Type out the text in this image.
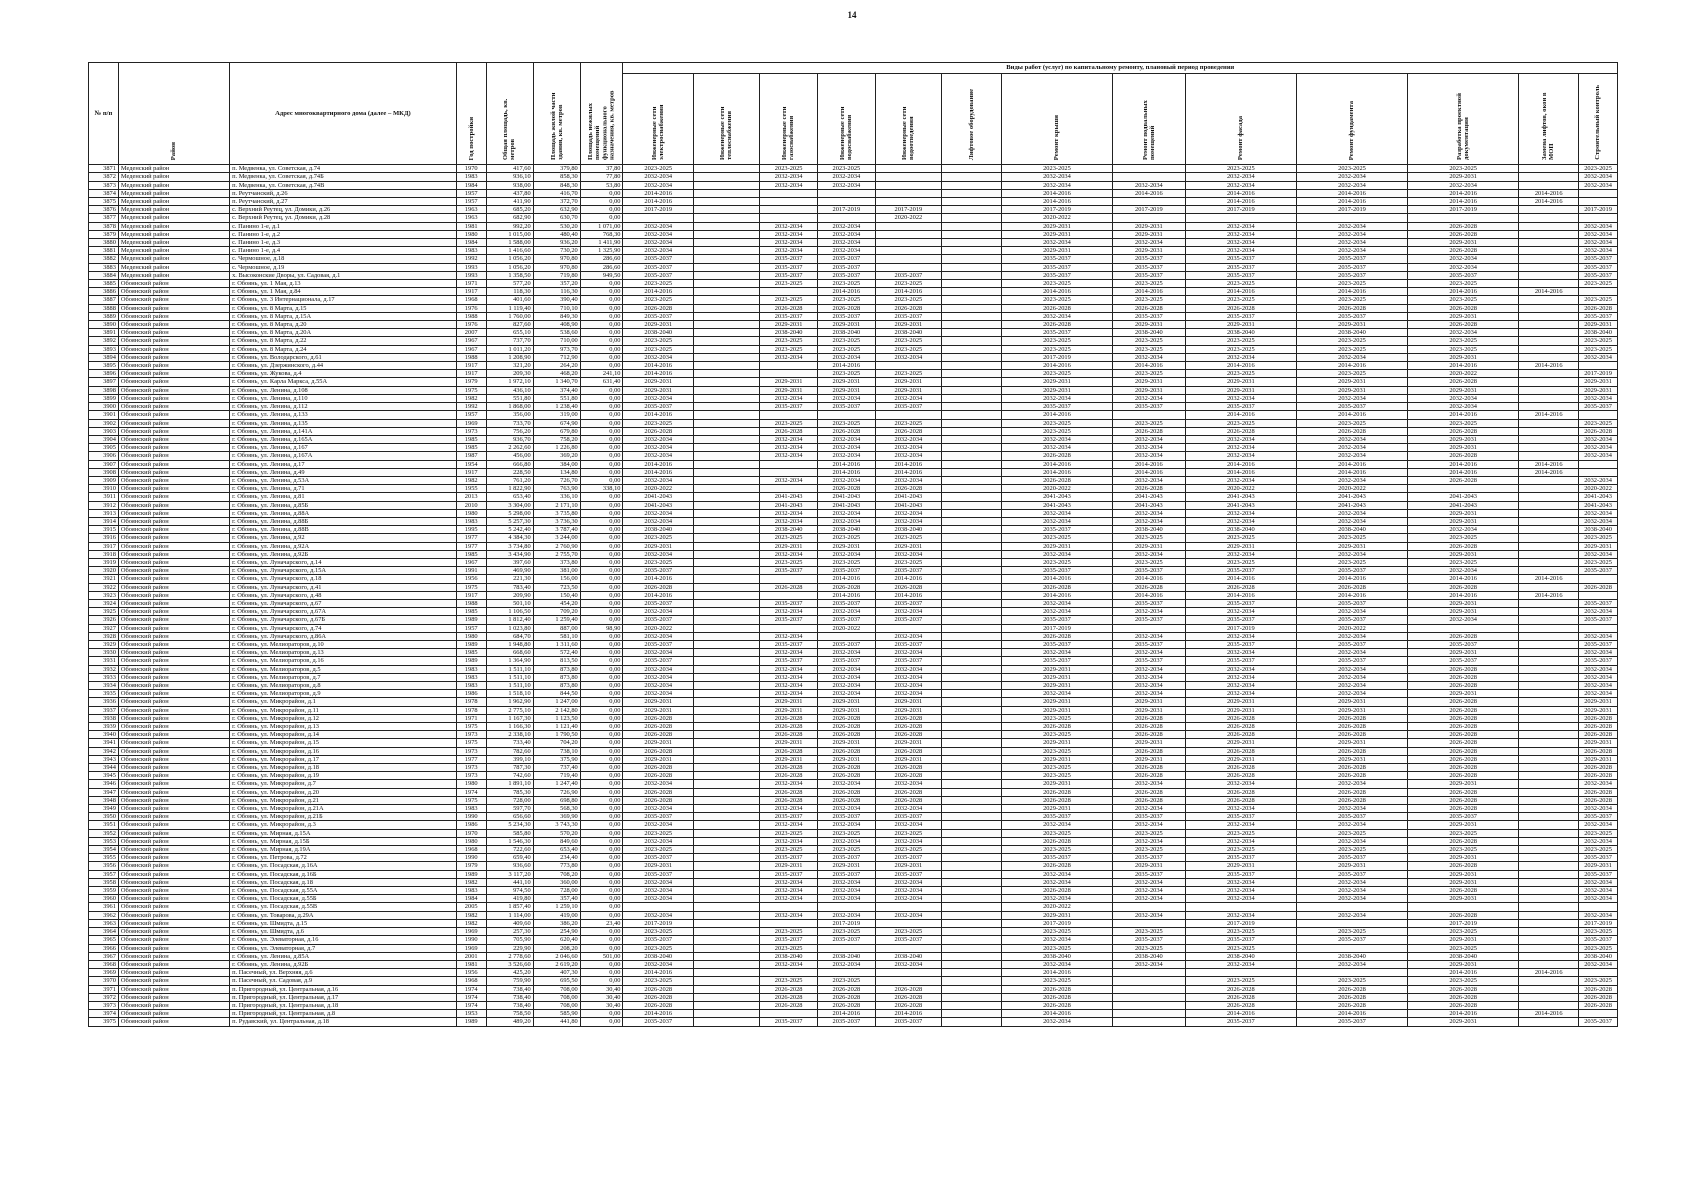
14
№ п/п	Район	Адрес многоквартирного дома (далее – МКД)	Год постройки	Общая площадь, кв. метров	Площадь жилой части здания, кв. метров	Площадь нежилых помещений функционального назначения, кв. метров	Виды работ (услуг) по капитальному ремонту, плановый период проведения												
							Инженерные сети электроснабжения	Инженерные сети теплоснабжения	Инженерные сети газоснабжения	Инженерные сети водоснабжения	Инженерные сети водоотведения	Лифтовое оборудование	Ремонт крыши	Ремонт подвальных помещений	Ремонт фасада	Ремонт фундамента	Разработка проектной документации	Замена лифтов, окон в МОП	Строительный контроль
3871	Меденский район	п. Медвенка, ул. Советская, д.74	1970	417,60	379,80	37,80	2023-2025		2023-2025	2023-2025			2023-2025		2023-2025	2023-2025	2023-2025		2023-2025
3872	Меденский район	п. Медвенка, ул. Советская, д.74Б	1983	936,10	858,30	77,80	2032-2034		2032-2034	2032-2034			2032-2034		2032-2034	2032-2034	2029-2031		2032-2034
3873	Меденский район	п. Медвенка, ул. Советская, д.74В	1984	938,00	848,30	53,80	2032-2034		2032-2034	2032-2034			2032-2034	2032-2034	2032-2034	2032-2034	2032-2034		2032-2034
3874	Меденский район	п. Реутчанский, д.26	1957	437,80	416,70	0,00	2014-2016						2014-2016	2014-2016	2014-2016	2014-2016	2014-2016	2014-2016	
3875	Меденский район	п. Реутчанский, д.27	1957	411,90	372,70	0,00	2014-2016						2014-2016		2014-2016	2014-2016	2014-2016	2014-2016	
3876	Меденский район	с. Верхний Реутец, ул. Домики, д.26	1963	685,20	632,90	0,00	2017-2019			2017-2019	2017-2019		2017-2019	2017-2019	2017-2019	2017-2019	2017-2019		2017-2019
3877	Меденский район	с. Верхний Реутец, ул. Домики, д.28	1963	682,90	630,70	0,00					2020-2022		2020-2022						
3878	Меденский район	с. Панино 1-е, д.1	1981	992,20	530,20	1 071,00	2032-2034		2032-2034	2032-2034			2029-2031	2029-2031	2032-2034	2032-2034	2026-2028		2032-2034
3879	Меденский район	с. Панино 1-е, д.2	1980	1 015,00	480,40	768,30	2032-2034		2032-2034	2032-2034			2029-2031	2029-2031	2032-2034	2032-2034	2026-2028		2032-2034
3880	Меденский район	с. Панино 1-е, д.3	1984	1 588,00	936,20	1 411,90	2032-2034		2032-2034	2032-2034			2032-2034	2032-2034	2032-2034	2032-2034	2029-2031		2032-2034
3881	Меденский район	с. Панино 1-е, д.4	1983	1 416,60	730,20	1 325,90	2032-2034		2032-2034	2032-2034			2029-2031	2029-2031	2032-2034	2032-2034	2026-2028		2032-2034
3882	Меденский район	с. Чермошное, д.18	1992	1 056,20	970,80	286,60	2035-2037		2035-2037	2035-2037			2035-2037	2035-2037	2035-2037	2035-2037	2032-2034		2035-2037
3883	Меденский район	с. Чермошное, д.19	1993	1 056,20	970,80	286,60	2035-2037		2035-2037	2035-2037			2035-2037	2035-2037	2035-2037	2035-2037	2032-2034		2035-2037
3884	Меденский район	х. Высоконские Дворы, ул. Садовая, д.1	1993	1 358,50	719,80	949,50	2035-2037		2035-2037	2035-2037	2035-2037		2035-2037	2035-2037	2035-2037	2035-2037	2035-2037		2035-2037
3885	Обоянский район	г. Обоянь, ул. 1 Мая, д.13	1971	577,20	357,20	0,00	2023-2025		2023-2025	2023-2025	2023-2025		2023-2025	2023-2025	2023-2025	2023-2025	2023-2025		2023-2025
3886	Обоянский район	г. Обоянь, ул. 1 Мая, д.84	1917	118,30	116,30	0,00	2014-2016			2014-2016	2014-2016		2014-2016	2014-2016	2014-2016	2014-2016	2014-2016	2014-2016	
3887	Обоянский район	г. Обоянь, ул. 3 Интернационала, д.17	1968	401,60	390,40	0,00	2023-2025		2023-2025	2023-2025	2023-2025		2023-2025	2023-2025	2023-2025	2023-2025	2023-2025		2023-2025
3888	Обоянский район	г. Обоянь, ул. 8 Марта, д.15	1976	1 119,40	710,10	0,00	2026-2028		2026-2028	2026-2028	2026-2028		2026-2028	2026-2028	2026-2028	2026-2028	2026-2028		2026-2028
3889	Обоянский район	г. Обоянь, ул. 8 Марта, д.15А	1988	1 760,00	849,30	0,00	2035-2037		2035-2037	2035-2037	2035-2037		2032-2034	2035-2037	2035-2037	2035-2037	2029-2031		2035-2037
3890	Обоянский район	г. Обоянь, ул. 8 Марта, д.20	1976	827,60	408,90	0,00	2029-2031		2029-2031	2029-2031	2029-2031		2026-2028	2029-2031	2029-2031	2029-2031	2026-2028		2029-2031
3891	Обоянский район	г. Обоянь, ул. 8 Марта, д.20А	2007	655,10	538,60	0,00	2038-2040		2038-2040	2038-2040	2038-2040		2035-2037	2038-2040	2038-2040	2038-2040	2032-2034		2038-2040
3892	Обоянский район	г. Обоянь, ул. 8 Марта, д.22	1967	737,70	710,00	0,00	2023-2025		2023-2025	2023-2025	2023-2025		2023-2025	2023-2025	2023-2025	2023-2025	2023-2025		2023-2025
3893	Обоянский район	г. Обоянь, ул. 8 Марта, д.24	1967	1 011,20	973,70	0,00	2023-2025		2023-2025	2023-2025	2023-2025		2023-2025	2023-2025	2023-2025	2023-2025	2023-2025		2023-2025
3894	Обоянский район	г. Обоянь, ул. Володарского, д.61	1988	1 208,90	712,90	0,00	2032-2034		2032-2034	2032-2034	2032-2034		2017-2019	2032-2034	2032-2034	2032-2034	2029-2031		2032-2034
3895	Обоянский район	г. Обоянь, ул. Дзержинского, д.44	1917	321,20	264,20	0,00	2014-2016			2014-2016			2014-2016	2014-2016	2014-2016	2014-2016	2014-2016	2014-2016	
3896	Обоянский район	г. Обоянь, ул. Жукова, д.4	1917	209,30	468,20	241,10	2014-2016			2023-2025	2023-2025		2023-2025	2023-2025	2023-2025	2023-2025	2020-2022		2017-2019
3897	Обоянский район	г. Обоянь, ул. Карла Маркса, д.55А	1979	1 972,10	1 340,70	631,40	2029-2031		2029-2031	2029-2031	2029-2031		2029-2031	2029-2031	2029-2031	2029-2031	2026-2028		2029-2031
3898	Обоянский район	г. Обоянь, ул. Ленина, д.108	1975	436,10	374,40	0,00	2029-2031		2029-2031	2029-2031	2029-2031		2029-2031	2029-2031	2029-2031	2029-2031	2029-2031		2029-2031
3899	Обоянский район	г. Обоянь, ул. Ленина, д.110	1982	551,80	551,80	0,00	2032-2034		2032-2034	2032-2034	2032-2034		2032-2034	2032-2034	2032-2034	2032-2034	2032-2034		2032-2034
3900	Обоянский район	г. Обоянь, ул. Ленина, д.112	1992	1 868,00	1 238,40	0,00	2035-2037		2035-2037	2035-2037	2035-2037		2035-2037	2035-2037	2035-2037	2035-2037	2032-2034		2035-2037
3901	Обоянский район	г. Обоянь, ул. Ленина, д.133	1957	356,00	319,00	0,00	2014-2016						2014-2016		2014-2016	2014-2016	2014-2016	2014-2016	
3902	Обоянский район	г. Обоянь, ул. Ленина, д.135	1969	733,70	674,90	0,00	2023-2025		2023-2025	2023-2025	2023-2025		2023-2025	2023-2025	2023-2025	2023-2025	2023-2025		2023-2025
3903	Обоянский район	г. Обоянь, ул. Ленина, д.141А	1973	756,20	679,80	0,00	2026-2028		2026-2028	2026-2028	2026-2028		2023-2025	2026-2028	2026-2028	2026-2028	2026-2028		2026-2028
3904	Обоянский район	г. Обоянь, ул. Ленина, д.165А	1985	936,70	758,20	0,00	2032-2034		2032-2034	2032-2034	2032-2034		2032-2034	2032-2034	2032-2034	2032-2034	2029-2031		2032-2034
3905	Обоянский район	г. Обоянь, ул. Ленина, д.167	1985	2 262,60	1 226,80	0,00	2032-2034		2032-2034	2032-2034	2032-2034		2032-2034	2032-2034	2032-2034	2032-2034	2029-2031		2032-2034
3906	Обоянский район	г. Обоянь, ул. Ленина, д.167А	1987	456,00	369,20	0,00	2032-2034		2032-2034	2032-2034	2032-2034		2026-2028	2032-2034	2032-2034	2032-2034	2026-2028		2032-2034
3907	Обоянский район	г. Обоянь, ул. Ленина, д.17	1954	666,80	384,00	0,00	2014-2016			2014-2016	2014-2016		2014-2016	2014-2016	2014-2016	2014-2016	2014-2016	2014-2016	
3908	Обоянский район	г. Обоянь, ул. Ленина, д.49	1917	228,50	134,80	0,00	2014-2016			2014-2016	2014-2016		2014-2016	2014-2016	2014-2016	2014-2016	2014-2016	2014-2016	
3909	Обоянский район	г. Обоянь, ул. Ленина, д.53А	1982	761,20	726,70	0,00	2032-2034		2032-2034	2032-2034	2032-2034		2026-2028	2032-2034	2032-2034	2032-2034	2026-2028		2032-2034
3910	Обоянский район	г. Обоянь, ул. Ленина, д.71	1955	1 822,90	763,90	338,10	2020-2022			2026-2028	2026-2028		2020-2022	2026-2028	2020-2022	2020-2022			2020-2022
3911	Обоянский район	г. Обоянь, ул. Ленина, д.81	2013	653,40	336,10	0,00	2041-2043		2041-2043	2041-2043	2041-2043		2041-2043	2041-2043	2041-2043	2041-2043	2041-2043		2041-2043
3912	Обоянский район	г. Обоянь, ул. Ленина, д.85Б	2010	3 304,00	2 171,10	0,00	2041-2043		2041-2043	2041-2043	2041-2043		2041-2043	2041-2043	2041-2043	2041-2043	2041-2043		2041-2043
3913	Обоянский район	г. Обоянь, ул. Ленина, д.88А	1980	5 298,00	3 735,80	0,00	2032-2034		2032-2034	2032-2034	2032-2034		2032-2034	2032-2034	2032-2034	2032-2034	2029-2031		2032-2034
3914	Обоянский район	г. Обоянь, ул. Ленина, д.88Б	1983	5 257,30	3 736,30	0,00	2032-2034		2032-2034	2032-2034	2032-2034		2032-2034	2032-2034	2032-2034	2032-2034	2029-2031		2032-2034
3915	Обоянский район	г. Обоянь, ул. Ленина, д.88В	1995	5 242,40	3 787,40	0,00	2038-2040		2038-2040	2038-2040	2038-2040		2035-2037	2038-2040	2038-2040	2038-2040	2032-2034		2038-2040
3916	Обоянский район	г. Обоянь, ул. Ленина, д.92	1977	4 384,30	3 244,00	0,00	2023-2025		2023-2025	2023-2025	2023-2025		2023-2025	2023-2025	2023-2025	2023-2025	2023-2025		2023-2025
3917	Обоянский район	г. Обоянь, ул. Ленина, д.92А	1977	3 734,80	2 760,90	0,00	2029-2031		2029-2031	2029-2031	2029-2031		2029-2031	2029-2031	2029-2031	2029-2031	2026-2028		2029-2031
3918	Обоянский район	г. Обоянь, ул. Ленина, д.92Б	1985	3 434,90	2 755,70	0,00	2032-2034		2032-2034	2032-2034	2032-2034		2032-2034	2032-2034	2032-2034	2032-2034	2029-2031		2032-2034
3919	Обоянский район	г. Обоянь, ул. Луначарского, д.14	1967	397,60	373,80	0,00	2023-2025		2023-2025	2023-2025	2023-2025		2023-2025	2023-2025	2023-2025	2023-2025	2023-2025		2023-2025
3920	Обоянский район	г. Обоянь, ул. Луначарского, д.15А	1991	469,90	381,00	0,00	2035-2037		2035-2037	2035-2037	2035-2037		2035-2037	2035-2037	2035-2037	2035-2037	2032-2034		2035-2037
3921	Обоянский район	г. Обоянь, ул. Луначарского, д.18	1956	221,30	156,00	0,00	2014-2016			2014-2016	2014-2016		2014-2016	2014-2016	2014-2016	2014-2016	2014-2016	2014-2016	
3922	Обоянский район	г. Обоянь, ул. Луначарского, д.41	1975	783,40	723,50	0,00	2026-2028		2026-2028	2026-2028	2026-2028		2026-2028	2026-2028	2026-2028	2026-2028	2026-2028		2026-2028
3923	Обоянский район	г. Обоянь, ул. Луначарского, д.48	1917	209,90	150,40	0,00	2014-2016			2014-2016	2014-2016		2014-2016	2014-2016	2014-2016	2014-2016	2014-2016	2014-2016	
3924	Обоянский район	г. Обоянь, ул. Луначарского, д.67	1988	501,10	454,20	0,00	2035-2037		2035-2037	2035-2037	2035-2037		2032-2034	2035-2037	2035-2037	2035-2037	2029-2031		2035-2037
3925	Обоянский район	г. Обоянь, ул. Луначарского, д.67А	1985	1 106,50	709,20	0,00	2032-2034		2032-2034	2032-2034	2032-2034		2032-2034	2032-2034	2032-2034	2032-2034	2029-2031		2032-2034
3926	Обоянский район	г. Обоянь, ул. Луначарского, д.67Б	1989	1 812,40	1 259,40	0,00	2035-2037		2035-2037	2035-2037	2035-2037		2035-2037	2035-2037	2035-2037	2035-2037	2032-2034		2035-2037
3927	Обоянский район	г. Обоянь, ул. Луначарского, д.74	1957	1 023,80	887,00	98,90	2020-2022			2020-2022			2017-2019		2017-2019	2020-2022			
3928	Обоянский район	г. Обоянь, ул. Луначарского, д.86А	1980	684,70	581,10	0,00	2032-2034		2032-2034		2032-2034		2026-2028	2032-2034	2032-2034	2032-2034	2026-2028		2032-2034
3929	Обоянский район	г. Обоянь, ул. Мелиораторов, д.10	1989	1 948,80	1 311,60	0,00	2035-2037		2035-2037	2035-2037	2035-2037		2035-2037	2035-2037	2035-2037	2035-2037	2035-2037		2035-2037
3930	Обоянский район	г. Обоянь, ул. Мелиораторов, д.13	1985	668,60	572,40	0,00	2032-2034		2032-2034	2032-2034	2032-2034		2032-2034	2032-2034	2032-2034	2032-2034	2029-2031		2032-2034
3931	Обоянский район	г. Обоянь, ул. Мелиораторов, д.16	1989	1 364,90	813,50	0,00	2035-2037		2035-2037	2035-2037	2035-2037		2035-2037	2035-2037	2035-2037	2035-2037	2035-2037		2035-2037
3932	Обоянский район	г. Обоянь, ул. Мелиораторов, д.5	1983	1 511,10	873,80	0,00	2032-2034		2032-2034	2032-2034	2032-2034		2029-2031	2032-2034	2032-2034	2032-2034	2026-2028		2032-2034
3933	Обоянский район	г. Обоянь, ул. Мелиораторов, д.7	1983	1 511,10	873,80	0,00	2032-2034		2032-2034	2032-2034	2032-2034		2029-2031	2032-2034	2032-2034	2032-2034	2026-2028		2032-2034
3934	Обоянский район	г. Обоянь, ул. Мелиораторов, д.8	1983	1 511,10	873,80	0,00	2032-2034		2032-2034	2032-2034	2032-2034		2029-2031	2032-2034	2032-2034	2032-2034	2026-2028		2032-2034
3935	Обоянский район	г. Обоянь, ул. Мелиораторов, д.9	1986	1 518,10	844,50	0,00	2032-2034		2032-2034	2032-2034	2032-2034		2032-2034	2032-2034	2032-2034	2032-2034	2029-2031		2032-2034
3936	Обоянский район	г. Обоянь, ул. Микрорайон, д.1	1978	1 962,90	1 247,00	0,00	2029-2031		2029-2031	2029-2031	2029-2031		2029-2031	2029-2031	2029-2031	2029-2031	2026-2028		2029-2031
3937	Обоянский район	г. Обоянь, ул. Микрорайон, д.11	1978	2 775,10	2 142,80	0,00	2029-2031		2029-2031	2029-2031	2029-2031		2029-2031	2029-2031	2029-2031	2029-2031	2026-2028		2029-2031
3938	Обоянский район	г. Обоянь, ул. Микрорайон, д.12	1971	1 167,30	1 123,50	0,00	2026-2028		2026-2028	2026-2028	2026-2028		2023-2025	2026-2028	2026-2028	2026-2028	2026-2028		2026-2028
3939	Обоянский район	г. Обоянь, ул. Микрорайон, д.13	1975	1 166,30	1 121,40	0,00	2026-2028		2026-2028	2026-2028	2026-2028		2026-2028	2026-2028	2026-2028	2026-2028	2026-2028		2026-2028
3940	Обоянский район	г. Обоянь, ул. Микрорайон, д.14	1973	2 338,10	1 790,50	0,00	2026-2028		2026-2028	2026-2028	2026-2028		2023-2025	2026-2028	2026-2028	2026-2028	2026-2028		2026-2028
3941	Обоянский район	г. Обоянь, ул. Микрорайон, д.15	1975	733,40	704,20	0,00	2029-2031		2029-2031	2029-2031	2029-2031		2029-2031	2029-2031	2029-2031	2029-2031	2026-2028		2029-2031
3942	Обоянский район	г. Обоянь, ул. Микрорайон, д.16	1973	782,60	738,10	0,00	2026-2028		2026-2028	2026-2028	2026-2028		2023-2025	2026-2028	2026-2028	2026-2028	2026-2028		2026-2028
3943	Обоянский район	г. Обоянь, ул. Микрорайон, д.17	1977	399,10	375,90	0,00	2029-2031		2029-2031	2029-2031	2029-2031		2029-2031	2029-2031	2029-2031	2029-2031	2026-2028		2029-2031
3944	Обоянский район	г. Обоянь, ул. Микрорайон, д.18	1973	787,30	737,40	0,00	2026-2028		2026-2028	2026-2028	2026-2028		2023-2025	2026-2028	2026-2028	2026-2028	2026-2028		2026-2028
3945	Обоянский район	г. Обоянь, ул. Микрорайон, д.19	1973	742,60	719,40	0,00	2026-2028		2026-2028	2026-2028	2026-2028		2023-2025	2026-2028	2026-2028	2026-2028	2026-2028		2026-2028
3946	Обоянский район	г. Обоянь, ул. Микрорайон, д.7	1980	1 891,10	1 247,40	0,00	2032-2034		2032-2034	2032-2034	2032-2034		2029-2031	2032-2034	2032-2034	2032-2034	2029-2031		2032-2034
3947	Обоянский район	г. Обоянь, ул. Микрорайон, д.20	1974	785,30	726,90	0,00	2026-2028		2026-2028	2026-2028	2026-2028		2026-2028	2026-2028	2026-2028	2026-2028	2026-2028		2026-2028
3948	Обоянский район	г. Обоянь, ул. Микрорайон, д.21	1975	728,00	698,80	0,00	2026-2028		2026-2028	2026-2028	2026-2028		2026-2028	2026-2028	2026-2028	2026-2028	2026-2028		2026-2028
3949	Обоянский район	г. Обоянь, ул. Микрорайон, д.21А	1983	597,70	568,30	0,00	2032-2034		2032-2034	2032-2034	2032-2034		2029-2031	2032-2034	2032-2034	2032-2034	2026-2028		2032-2034
3950	Обоянский район	г. Обоянь, ул. Микрорайон, д.21Б	1990	656,60	369,90	0,00	2035-2037		2035-2037	2035-2037	2035-2037		2035-2037	2035-2037	2035-2037	2035-2037	2035-2037		2035-2037
3951	Обоянский район	г. Обоянь, ул. Микрорайон, д.3	1986	5 234,30	3 743,30	0,00	2032-2034		2032-2034	2032-2034	2032-2034		2032-2034	2032-2034	2032-2034	2032-2034	2029-2031		2032-2034
3952	Обоянский район	г. Обоянь, ул. Мирная, д.15А	1970	585,80	570,20	0,00	2023-2025		2023-2025	2023-2025	2023-2025		2023-2025	2023-2025	2023-2025	2023-2025	2023-2025		2023-2025
3953	Обоянский район	г. Обоянь, ул. Мирная, д.15Б	1980	1 546,30	849,60	0,00	2032-2034		2032-2034	2032-2034	2032-2034		2026-2028	2032-2034	2032-2034	2032-2034	2026-2028		2032-2034
3954	Обоянский район	г. Обоянь, ул. Мирная, д.19А	1968	722,60	653,40	0,00	2023-2025		2023-2025	2023-2025	2023-2025		2023-2025	2023-2025	2023-2025	2023-2025	2023-2025		2023-2025
3955	Обоянский район	г. Обоянь, ул. Петрова, д.72	1990	659,40	234,40	0,00	2035-2037		2035-2037	2035-2037	2035-2037		2035-2037	2035-2037	2035-2037	2035-2037	2029-2031		2035-2037
3956	Обоянский район	г. Обоянь, ул. Посадская, д.16А	1979	936,60	773,80	0,00	2029-2031		2029-2031	2029-2031	2029-2031		2026-2028	2029-2031	2029-2031	2029-2031	2026-2028		2029-2031
3957	Обоянский район	г. Обоянь, ул. Посадская, д.16Б	1989	3 117,20	708,20	0,00	2035-2037		2035-2037	2035-2037	2035-2037		2032-2034	2035-2037	2035-2037	2035-2037	2029-2031		2035-2037
3958	Обоянский район	г. Обоянь, ул. Посадская, д.18	1982	441,10	360,00	0,00	2032-2034		2032-2034	2032-2034	2032-2034		2032-2034	2032-2034	2032-2034	2032-2034	2029-2031		2032-2034
3959	Обоянский район	г. Обоянь, ул. Посадская, д.55А	1983	974,50	728,00	0,00	2032-2034		2032-2034	2032-2034	2032-2034		2026-2028	2032-2034	2032-2034	2032-2034	2026-2028		2032-2034
3960	Обоянский район	г. Обоянь, ул. Посадская, д.55Б	1984	419,80	357,40	0,00	2032-2034		2032-2034	2032-2034	2032-2034		2032-2034	2032-2034	2032-2034	2032-2034	2029-2031		2032-2034
3961	Обоянский район	г. Обоянь, ул. Посадская, д.55В	2005	1 857,40	1 259,10	0,00							2020-2022						
3962	Обоянский район	г. Обоянь, ул. Товарова, д.29А	1982	1 114,00	419,00	0,00	2032-2034		2032-2034	2032-2034	2032-2034		2029-2031	2032-2034	2032-2034	2032-2034	2026-2028		2032-2034
3963	Обоянский район	г. Обоянь, ул. Шмидта, д.15	1982	409,60	386,20	23,40	2017-2019			2017-2019			2017-2019		2017-2019		2017-2019		2017-2019
3964	Обоянский район	г. Обоянь, ул. Шмидта, д.6	1969	257,30	254,90	0,00	2023-2025		2023-2025	2023-2025	2023-2025		2023-2025	2023-2025	2023-2025	2023-2025	2023-2025		2023-2025
3965	Обоянский район	г. Обоянь, ул. Элеваторная, д.16	1990	705,90	620,40	0,00	2035-2037		2035-2037	2035-2037	2035-2037		2032-2034	2035-2037	2035-2037	2035-2037	2029-2031		2035-2037
3966	Обоянский район	г. Обоянь, ул. Элеваторная, д.7	1969	229,90	208,20	0,00	2023-2025		2023-2025				2023-2025	2023-2025	2023-2025		2023-2025		2023-2025
3967	Обоянский район	г. Обоянь, ул. Ленина, д.85А	2001	2 778,60	2 046,60	501,00	2038-2040		2038-2040	2038-2040	2038-2040		2038-2040	2038-2040	2038-2040	2038-2040	2038-2040		2038-2040
3968	Обоянский район	г. Обоянь, ул. Ленина, д.92Б	1981	3 526,60	2 619,20	0,00	2032-2034		2032-2034	2032-2034	2032-2034		2032-2034	2032-2034	2032-2034	2032-2034	2029-2031		2032-2034
3969	Обоянский район	п. Пасечный, ул. Верхняя, д.6	1956	425,20	407,30	0,00	2014-2016						2014-2016				2014-2016	2014-2016	
3970	Обоянский район	п. Пасечный, ул. Садовая, д.9	1968	759,90	695,50	0,00	2023-2025		2023-2025	2023-2025			2023-2025		2023-2025	2023-2025	2023-2025		2023-2025
3971	Обоянский район	п. Пригородный, ул. Центральная, д.16	1974	738,40	708,00	30,40	2026-2028		2026-2028	2026-2028	2026-2028		2026-2028		2026-2028	2026-2028	2026-2028		2026-2028
3972	Обоянский район	п. Пригородный, ул. Центральная, д.17	1974	738,40	708,00	30,40	2026-2028		2026-2028	2026-2028	2026-2028		2026-2028		2026-2028	2026-2028	2026-2028		2026-2028
3973	Обоянский район	п. Пригородный, ул. Центральная, д.18	1974	738,40	708,00	30,40	2026-2028		2026-2028	2026-2028	2026-2028		2026-2028		2026-2028	2026-2028	2026-2028		2026-2028
3974	Обоянский район	п. Пригородный, ул. Центральная, д.8	1953	758,50	585,90	0,00	2014-2016			2014-2016	2014-2016		2014-2016		2014-2016	2014-2016	2014-2016	2014-2016	
3975	Обоянский район	п. Рудавский, ул. Центральная, д.18	1989	489,20	441,80	0,00	2035-2037		2035-2037	2035-2037	2035-2037		2032-2034		2035-2037	2035-2037	2029-2031		2035-2037
